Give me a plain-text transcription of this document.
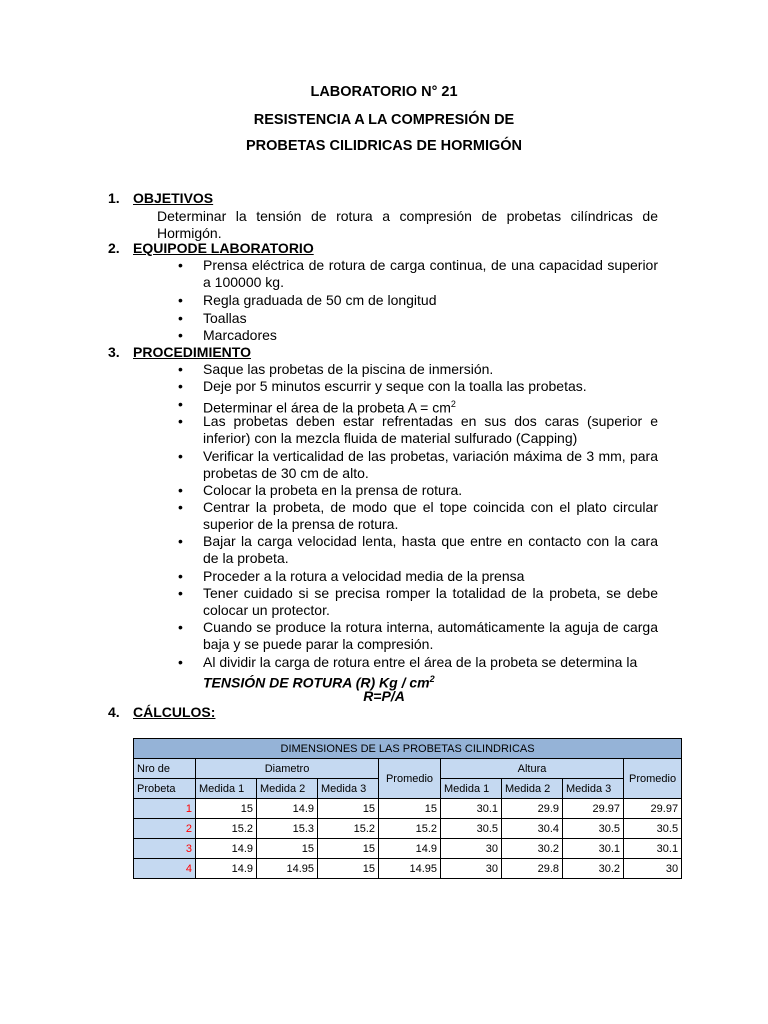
LABORATORIO N° 21
RESISTENCIA A LA COMPRESIÓN DE
PROBETAS CILIDRICAS DE HORMIGÓN
1. OBJETIVOS
Determinar la tensión de rotura a compresión de probetas cilíndricas de Hormigón.
2. EQUIPODE LABORATORIO
• Prensa eléctrica de rotura de carga continua, de una capacidad superior a 100000 kg.
• Regla graduada de 50 cm de longitud
• Toallas
• Marcadores
3. PROCEDIMIENTO
• Saque las probetas de la piscina de inmersión.
• Deje por 5 minutos escurrir y seque con la toalla las probetas.
• Determinar el área de la probeta $A = cm^2$
• Las probetas deben estar refrentadas en sus dos caras (superior e inferior) con la mezcla fluida de material sulfurado (Capping)
• Verificar la verticalidad de las probetas, variación máxima de 3 mm, para probetas de 30 cm de alto.
• Colocar la probeta en la prensa de rotura.
• Centrar la probeta, de modo que el tope coincida con el plato circular superior de la prensa de rotura.
• Bajar la carga velocidad lenta, hasta que entre en contacto con la cara de la probeta.
• Proceder a la rotura a velocidad media de la prensa
• Tener cuidado si se precisa romper la totalidad de la probeta, se debe colocar un protector.
• Cuando se produce la rotura interna, automáticamente la aguja de carga baja y se puede parar la compresión.
• Al dividir la carga de rotura entre el área de la probeta se determina la
TENSIÓN DE ROTURA (R) Kg / $cm^2$
R=P/A
4. CÁLCULOS:
DIMENSIONES DE LAS PROBETAS CILINDRICAS								
Nro de	Diametro			Promedio	Altura			Promedio
Probeta	Medida 1	Medida 2	Medida 3		Medida 1	Medida 2	Medida 3	
1	15	14.9	15	15	30.1	29.9	29.97	29.97
2	15.2	15.3	15.2	15.2	30.5	30.4	30.5	30.5
3	14.9	15	15	14.9	30	30.2	30.1	30.1
4	14.9	14.95	15	14.95	30	29.8	30.2	30
